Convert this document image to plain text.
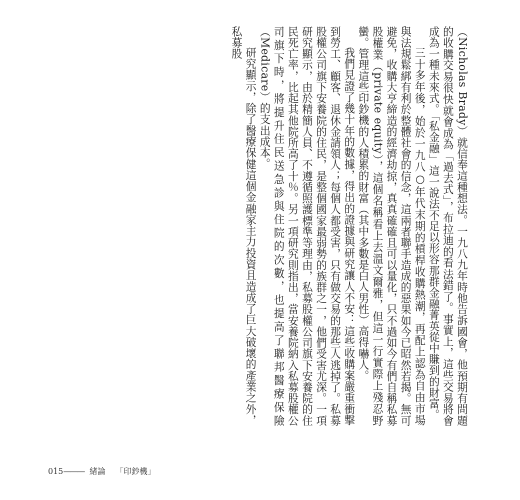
（Nicholas Brady）就信奉這種想法。一九八九年時他告訴國會，他預期有問題的收購交易很快就會成為「過去式」，布拉迪的看法錯了。事實上，這些交易將會成為一種未來式。「私金融」這一說法不足以形容那群金融菁英從中賺到的財富。

三十多年後，始於一九八○年代末期的槓桿收購熱潮，再配上認為自由市場與法規鬆綁有利於整體社會的信念，這兩者聯手造成的惡果如今已昭然若揭。無可避免，收購大亨締造的經濟劫掠，真真確確且可以量化，只不過如今有們自稱私募股權業（private equity），這個名稱看上去溫文爾雅，但這一行實際上殘忍野蠻。管理這些印鈔機的人積累的財富（其中多數是白人男性）高得嚇人。

我們見證了幾十年的數據，得出的證據與研究讓人不安：這些收購案嚴重衝擊到勞工、顧客、退休金請領人；每個人都受害，只有做交易的那些人逃掉了。私募股權公司旗下安養院的住民，是整個國家最弱勢的族群之一，他們受害尤深。一項研究顯示，由於精簡人員、不遵循照護標準等理由，私募股權公司旗下安養院的住民死亡率，比起其他院所高了十％。另一項研究則指出，當安養院納入私募股權公司旗下時，將提升住民送急診與住院的次數，也提高了聯邦醫療保險（Medicare）的支出成本。

研究顯示，除了醫療保健這個金融家主力投資且造成了巨大破壞的產業之外，私募股

015——— 緒論 「印鈔機」
